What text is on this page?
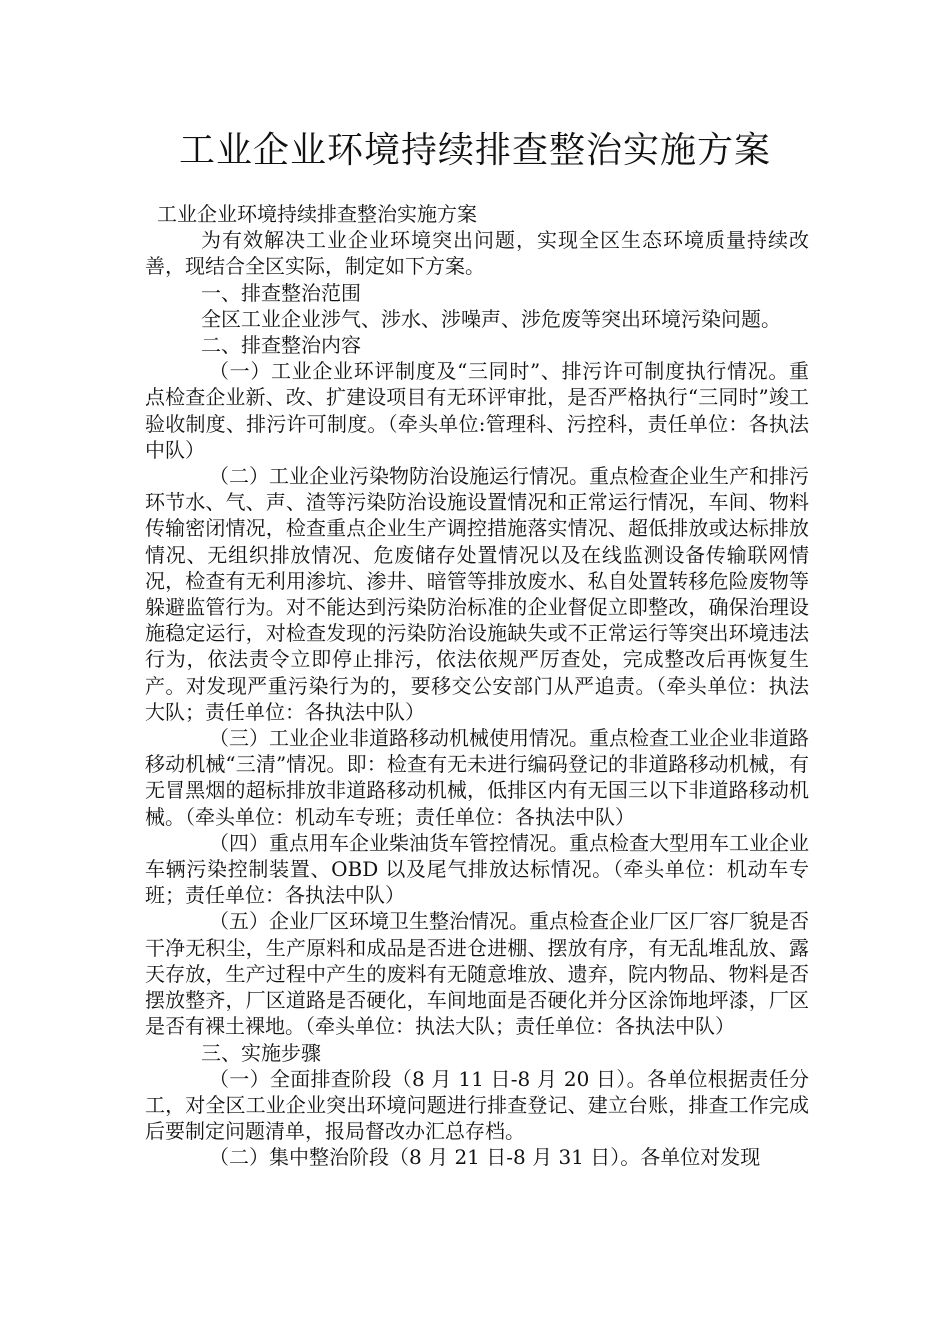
工业企业环境持续排查整治实施方案

工业企业环境持续排查整治实施方案

为有效解决工业企业环境突出问题，实现全区生态环境质量持续改善，现结合全区实际，制定如下方案。

一、排查整治范围

全区工业企业涉气、涉水、涉噪声、涉危废等突出环境污染问题。

二、排查整治内容

（一）工业企业环评制度及“三同时”、排污许可制度执行情况。重点检查企业新、改、扩建设项目有无环评审批，是否严格执行“三同时”竣工验收制度、排污许可制度。（牵头单位:管理科、污控科，责任单位：各执法中队）

（二）工业企业污染物防治设施运行情况。重点检查企业生产和排污环节水、气、声、渣等污染防治设施设置情况和正常运行情况，车间、物料传输密闭情况，检查重点企业生产调控措施落实情况、超低排放或达标排放情况、无组织排放情况、危废储存处置情况以及在线监测设备传输联网情况，检查有无利用渗坑、渗井、暗管等排放废水、私自处置转移危险废物等躲避监管行为。对不能达到污染防治标准的企业督促立即整改，确保治理设施稳定运行，对检查发现的污染防治设施缺失或不正常运行等突出环境违法行为，依法责令立即停止排污，依法依规严厉查处，完成整改后再恢复生产。对发现严重污染行为的，要移交公安部门从严追责。（牵头单位：执法大队；责任单位：各执法中队）

（三）工业企业非道路移动机械使用情况。重点检查工业企业非道路移动机械“三清”情况。即：检查有无未进行编码登记的非道路移动机械，有无冒黑烟的超标排放非道路移动机械，低排区内有无国三以下非道路移动机械。（牵头单位：机动车专班；责任单位：各执法中队）

（四）重点用车企业柴油货车管控情况。重点检查大型用车工业企业车辆污染控制装置、OBD 以及尾气排放达标情况。（牵头单位：机动车专班；责任单位：各执法中队）

（五）企业厂区环境卫生整治情况。重点检查企业厂区厂容厂貌是否干净无积尘，生产原料和成品是否进仓进棚、摆放有序，有无乱堆乱放、露天存放，生产过程中产生的废料有无随意堆放、遗弃，院内物品、物料是否摆放整齐，厂区道路是否硬化，车间地面是否硬化并分区涂饰地坪漆，厂区是否有裸土裸地。（牵头单位：执法大队；责任单位：各执法中队）

三、实施步骤

（一）全面排查阶段（8 月 11 日-8 月 20 日）。各单位根据责任分工，对全区工业企业突出环境问题进行排查登记、建立台账，排查工作完成后要制定问题清单，报局督改办汇总存档。

（二）集中整治阶段（8 月 21 日-8 月 31 日）。各单位对发现
